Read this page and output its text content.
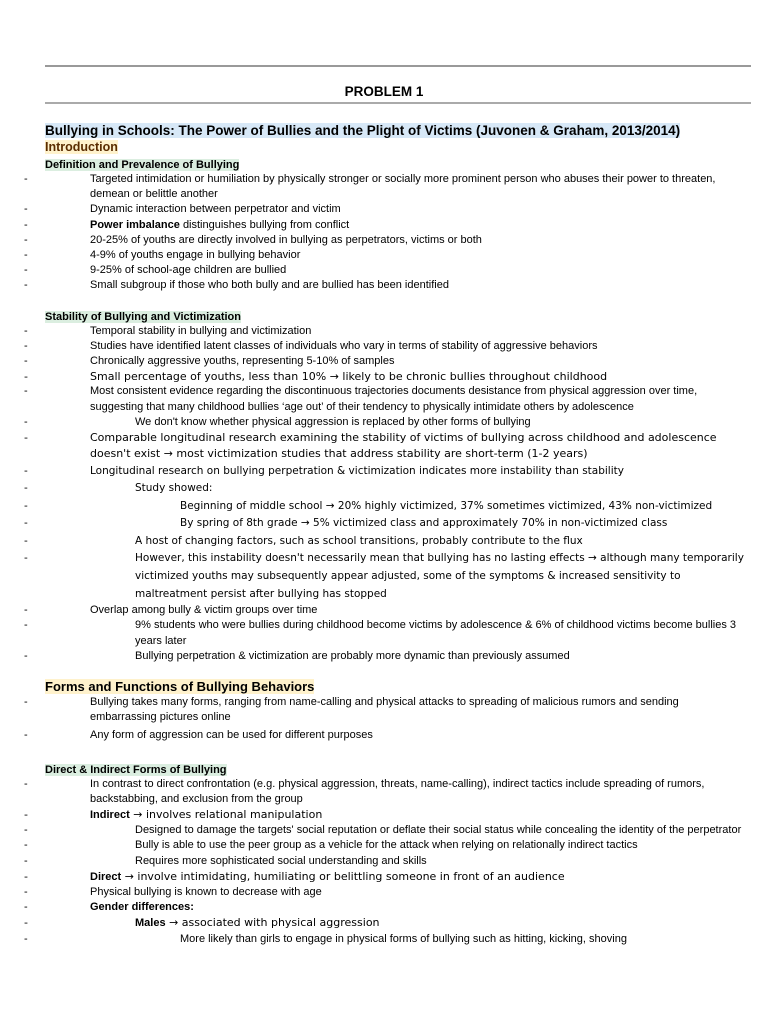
PROBLEM 1
Bullying in Schools: The Power of Bullies and the Plight of Victims (Juvonen & Graham, 2013/2014)
Introduction
Definition and Prevalence of Bullying
-	Targeted intimidation or humiliation by physically stronger or socially more prominent person who abuses their power to threaten, demean or belittle another
-	Dynamic interaction between perpetrator and victim
-	Power imbalance distinguishes bullying from conflict
-	20-25% of youths are directly involved in bullying as perpetrators, victims or both
-	4-9% of youths engage in bullying behavior
-	9-25% of school-age children are bullied
-	Small subgroup if those who both bully and are bullied has been identified
Stability of Bullying and Victimization
-	Temporal stability in bullying and victimization
-	Studies have identified latent classes of individuals who vary in terms of stability of aggressive behaviors
-	Chronically aggressive youths, representing 5-10% of samples
-	Small percentage of youths, less than 10% → likely to be chronic bullies throughout childhood
-	Most consistent evidence regarding the discontinuous trajectories documents desistance from physical aggression over time, suggesting that many childhood bullies ‘age out’ of their tendency to physically intimidate others by adolescence
-	We don't know whether physical aggression is replaced by other forms of bullying
-	Comparable longitudinal research examining the stability of victims of bullying across childhood and adolescence doesn't exist → most victimization studies that address stability are short-term (1-2 years)
-	Longitudinal research on bullying perpetration & victimization indicates more instability than stability
-	Study showed:
-	Beginning of middle school → 20% highly victimized, 37% sometimes victimized, 43% non-victimized
-	By spring of 8th grade → 5% victimized class and approximately 70% in non-victimized class
-	A host of changing factors, such as school transitions, probably contribute to the flux
-	However, this instability doesn't necessarily mean that bullying has no lasting effects → although many temporarily victimized youths may subsequently appear adjusted, some of the symptoms & increased sensitivity to maltreatment persist after bullying has stopped
-	Overlap among bully & victim groups over time
-	9% students who were bullies during childhood become victims by adolescence & 6% of childhood victims become bullies 3 years later
-	Bullying perpetration & victimization are probably more dynamic than previously assumed
Forms and Functions of Bullying Behaviors
-	Bullying takes many forms, ranging from name-calling and physical attacks to spreading of malicious rumors and sending embarrassing pictures online
-	Any form of aggression can be used for different purposes
Direct & Indirect Forms of Bullying
-	In contrast to direct confrontation (e.g. physical aggression, threats, name-calling), indirect tactics include spreading of rumors, backstabbing, and exclusion from the group
-	Indirect → involves relational manipulation
-	Designed to damage the targets' social reputation or deflate their social status while concealing the identity of the perpetrator
-	Bully is able to use the peer group as a vehicle for the attack when relying on relationally indirect tactics
-	Requires more sophisticated social understanding and skills
-	Direct → involve intimidating, humiliating or belittling someone in front of an audience
-	Physical bullying is known to decrease with age
-	Gender differences:
-	Males → associated with physical aggression
-	More likely than girls to engage in physical forms of bullying such as hitting, kicking, shoving
